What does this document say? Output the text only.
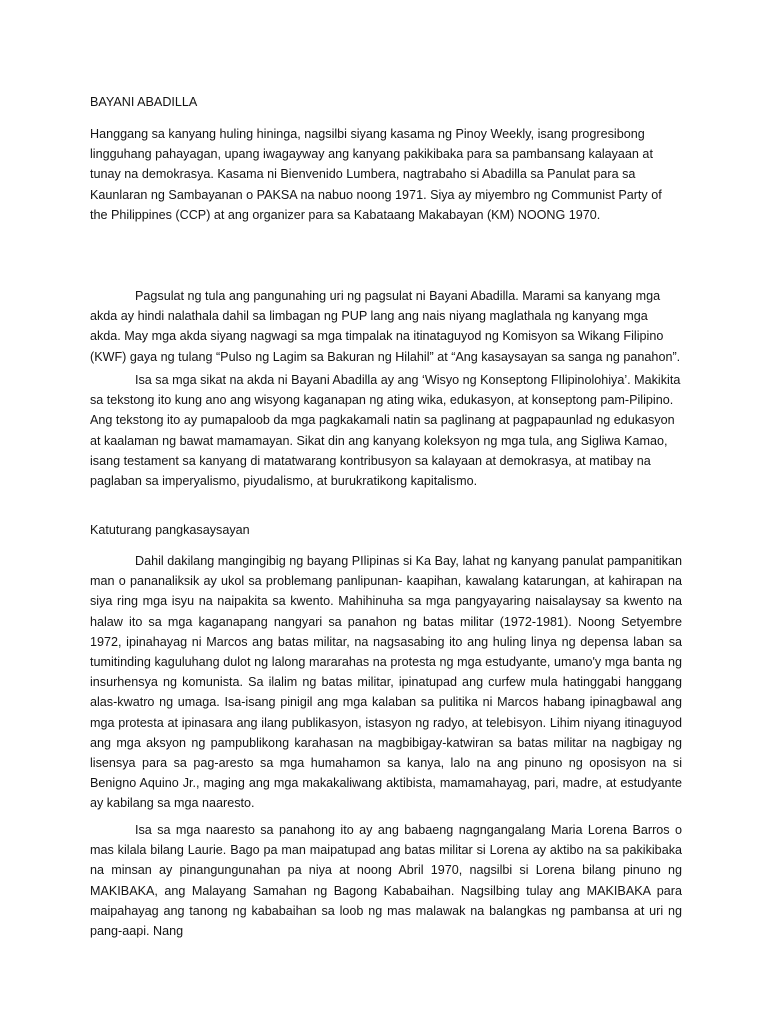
BAYANI ABADILLA

Hanggang sa kanyang huling hininga, nagsilbi siyang kasama ng Pinoy Weekly, isang progresibong lingguhang pahayagan, upang iwagayway ang kanyang pakikibaka para sa pambansang kalayaan at tunay na demokrasya. Kasama ni Bienvenido Lumbera, nagtrabaho si Abadilla sa Panulat para sa Kaunlaran ng Sambayanan o PAKSA na nabuo noong 1971. Siya ay miyembro ng Communist Party of the Philippines (CCP) at ang organizer para sa Kabataang Makabayan (KM) NOONG 1970.

Pagsulat ng tula ang pangunahing uri ng pagsulat ni Bayani Abadilla. Marami sa kanyang mga akda ay hindi nalathala dahil sa limbagan ng PUP lang ang nais niyang maglathala ng kanyang mga akda. May mga akda siyang nagwagi sa mga timpalak na itinataguyod ng Komisyon sa Wikang Filipino (KWF) gaya ng tulang “Pulso ng Lagim sa Bakuran ng Hilahil” at “Ang kasaysayan sa sanga ng panahon”.

Isa sa mga sikat na akda ni Bayani Abadilla ay ang ‘Wisyo ng Konseptong FIlipinolohiya’. Makikita sa tekstong ito kung ano ang wisyong kaganapan ng ating wika, edukasyon, at konseptong pam-Pilipino. Ang tekstong ito ay pumapaloob da mga pagkakamali natin sa paglinang at pagpapaunlad ng edukasyon at kaalaman ng bawat mamamayan. Sikat din ang kanyang koleksyon ng mga tula, ang Sigliwa Kamao, isang testament sa kanyang di matatwarang kontribusyon sa kalayaan at demokrasya, at matibay na paglaban sa imperyalismo, piyudalismo, at burukratikong kapitalismo.

Katuturang pangkasaysayan

Dahil dakilang mangingibig ng bayang PIlipinas si Ka Bay, lahat ng kanyang panulat pampanitikan man o pananaliksik ay ukol sa problemang panlipunan- kaapihan, kawalang katarungan, at kahirapan na siya ring mga isyu na naipakita sa kwento. Mahihinuha sa mga pangyayaring naisalaysay sa kwento na halaw ito sa mga kaganapang nangyari sa panahon ng batas militar (1972-1981). Noong Setyembre 1972, ipinahayag ni Marcos ang batas militar, na nagsasabing ito ang huling linya ng depensa laban sa tumitinding kaguluhang dulot ng lalong mararahas na protesta ng mga estudyante, umano'y mga banta ng insurhensya ng komunista. Sa ilalim ng batas militar, ipinatupad ang curfew mula hatinggabi hanggang alas-kwatro ng umaga. Isa-isang pinigil ang mga kalaban sa pulitika ni Marcos habang ipinagbawal ang mga protesta at ipinasara ang ilang publikasyon, istasyon ng radyo, at telebisyon. Lihim niyang itinaguyod ang mga aksyon ng pampublikong karahasan na magbibigay-katwiran sa batas militar na nagbigay ng lisensya para sa pag-aresto sa mga humahamon sa kanya, lalo na ang pinuno ng oposisyon na si Benigno Aquino Jr., maging ang mga makakaliwang aktibista, mamamahayag, pari, madre, at estudyante ay kabilang sa mga naaresto.

Isa sa mga naaresto sa panahong ito ay ang babaeng nagngangalang Maria Lorena Barros o mas kilala bilang Laurie. Bago pa man maipatupad ang batas militar si Lorena ay aktibo na sa pakikibaka na minsan ay pinangungunahan pa niya at noong Abril 1970, nagsilbi si Lorena bilang pinuno ng MAKIBAKA, ang Malayang Samahan ng Bagong Kababaihan. Nagsilbing tulay ang MAKIBAKA para maipahayag ang tanong ng kababaihan sa loob ng mas malawak na balangkas ng pambansa at uri ng pang-aapi. Nang
